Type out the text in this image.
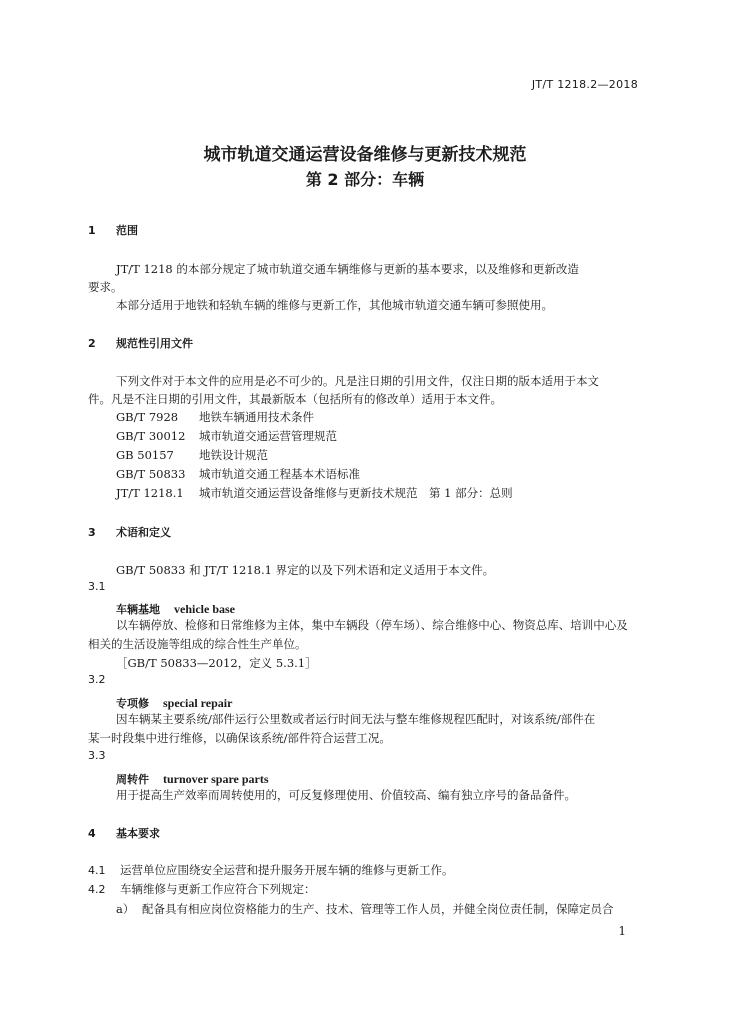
JT/T 1218.2—2018
城市轨道交通运营设备维修与更新技术规范
第 2 部分：车辆
1 范围
JT/T 1218 的本部分规定了城市轨道交通车辆维修与更新的基本要求，以及维修和更新改造
要求。
本部分适用于地铁和轻轨车辆的维修与更新工作，其他城市轨道交通车辆可参照使用。
2 规范性引用文件
下列文件对于本文件的应用是必不可少的。凡是注日期的引用文件，仅注日期的版本适用于本文
件。凡是不注日期的引用文件，其最新版本（包括所有的修改单）适用于本文件。
GB/T 7928 地铁车辆通用技术条件
GB/T 30012 城市轨道交通运营管理规范
GB 50157 地铁设计规范
GB/T 50833 城市轨道交通工程基本术语标准
JT/T 1218.1 城市轨道交通运营设备维修与更新技术规范　第 1 部分：总则
3 术语和定义
GB/T 50833 和 JT/T 1218.1 界定的以及下列术语和定义适用于本文件。
3.1
车辆基地 vehicle base
以车辆停放、检修和日常维修为主体，集中车辆段（停车场）、综合维修中心、物资总库、培训中心及
相关的生活设施等组成的综合性生产单位。
［GB/T 50833—2012，定义 5.3.1］
3.2
专项修 special repair
因车辆某主要系统/部件运行公里数或者运行时间无法与整车维修规程匹配时，对该系统/部件在
某一时段集中进行维修，以确保该系统/部件符合运营工况。
3.3
周转件 turnover spare parts
用于提高生产效率而周转使用的，可反复修理使用、价值较高、编有独立序号的备品备件。
4 基本要求
4.1 运营单位应围绕安全运营和提升服务开展车辆的维修与更新工作。
4.2 车辆维修与更新工作应符合下列规定：
a） 配备具有相应岗位资格能力的生产、技术、管理等工作人员，并健全岗位责任制，保障定员合
1
